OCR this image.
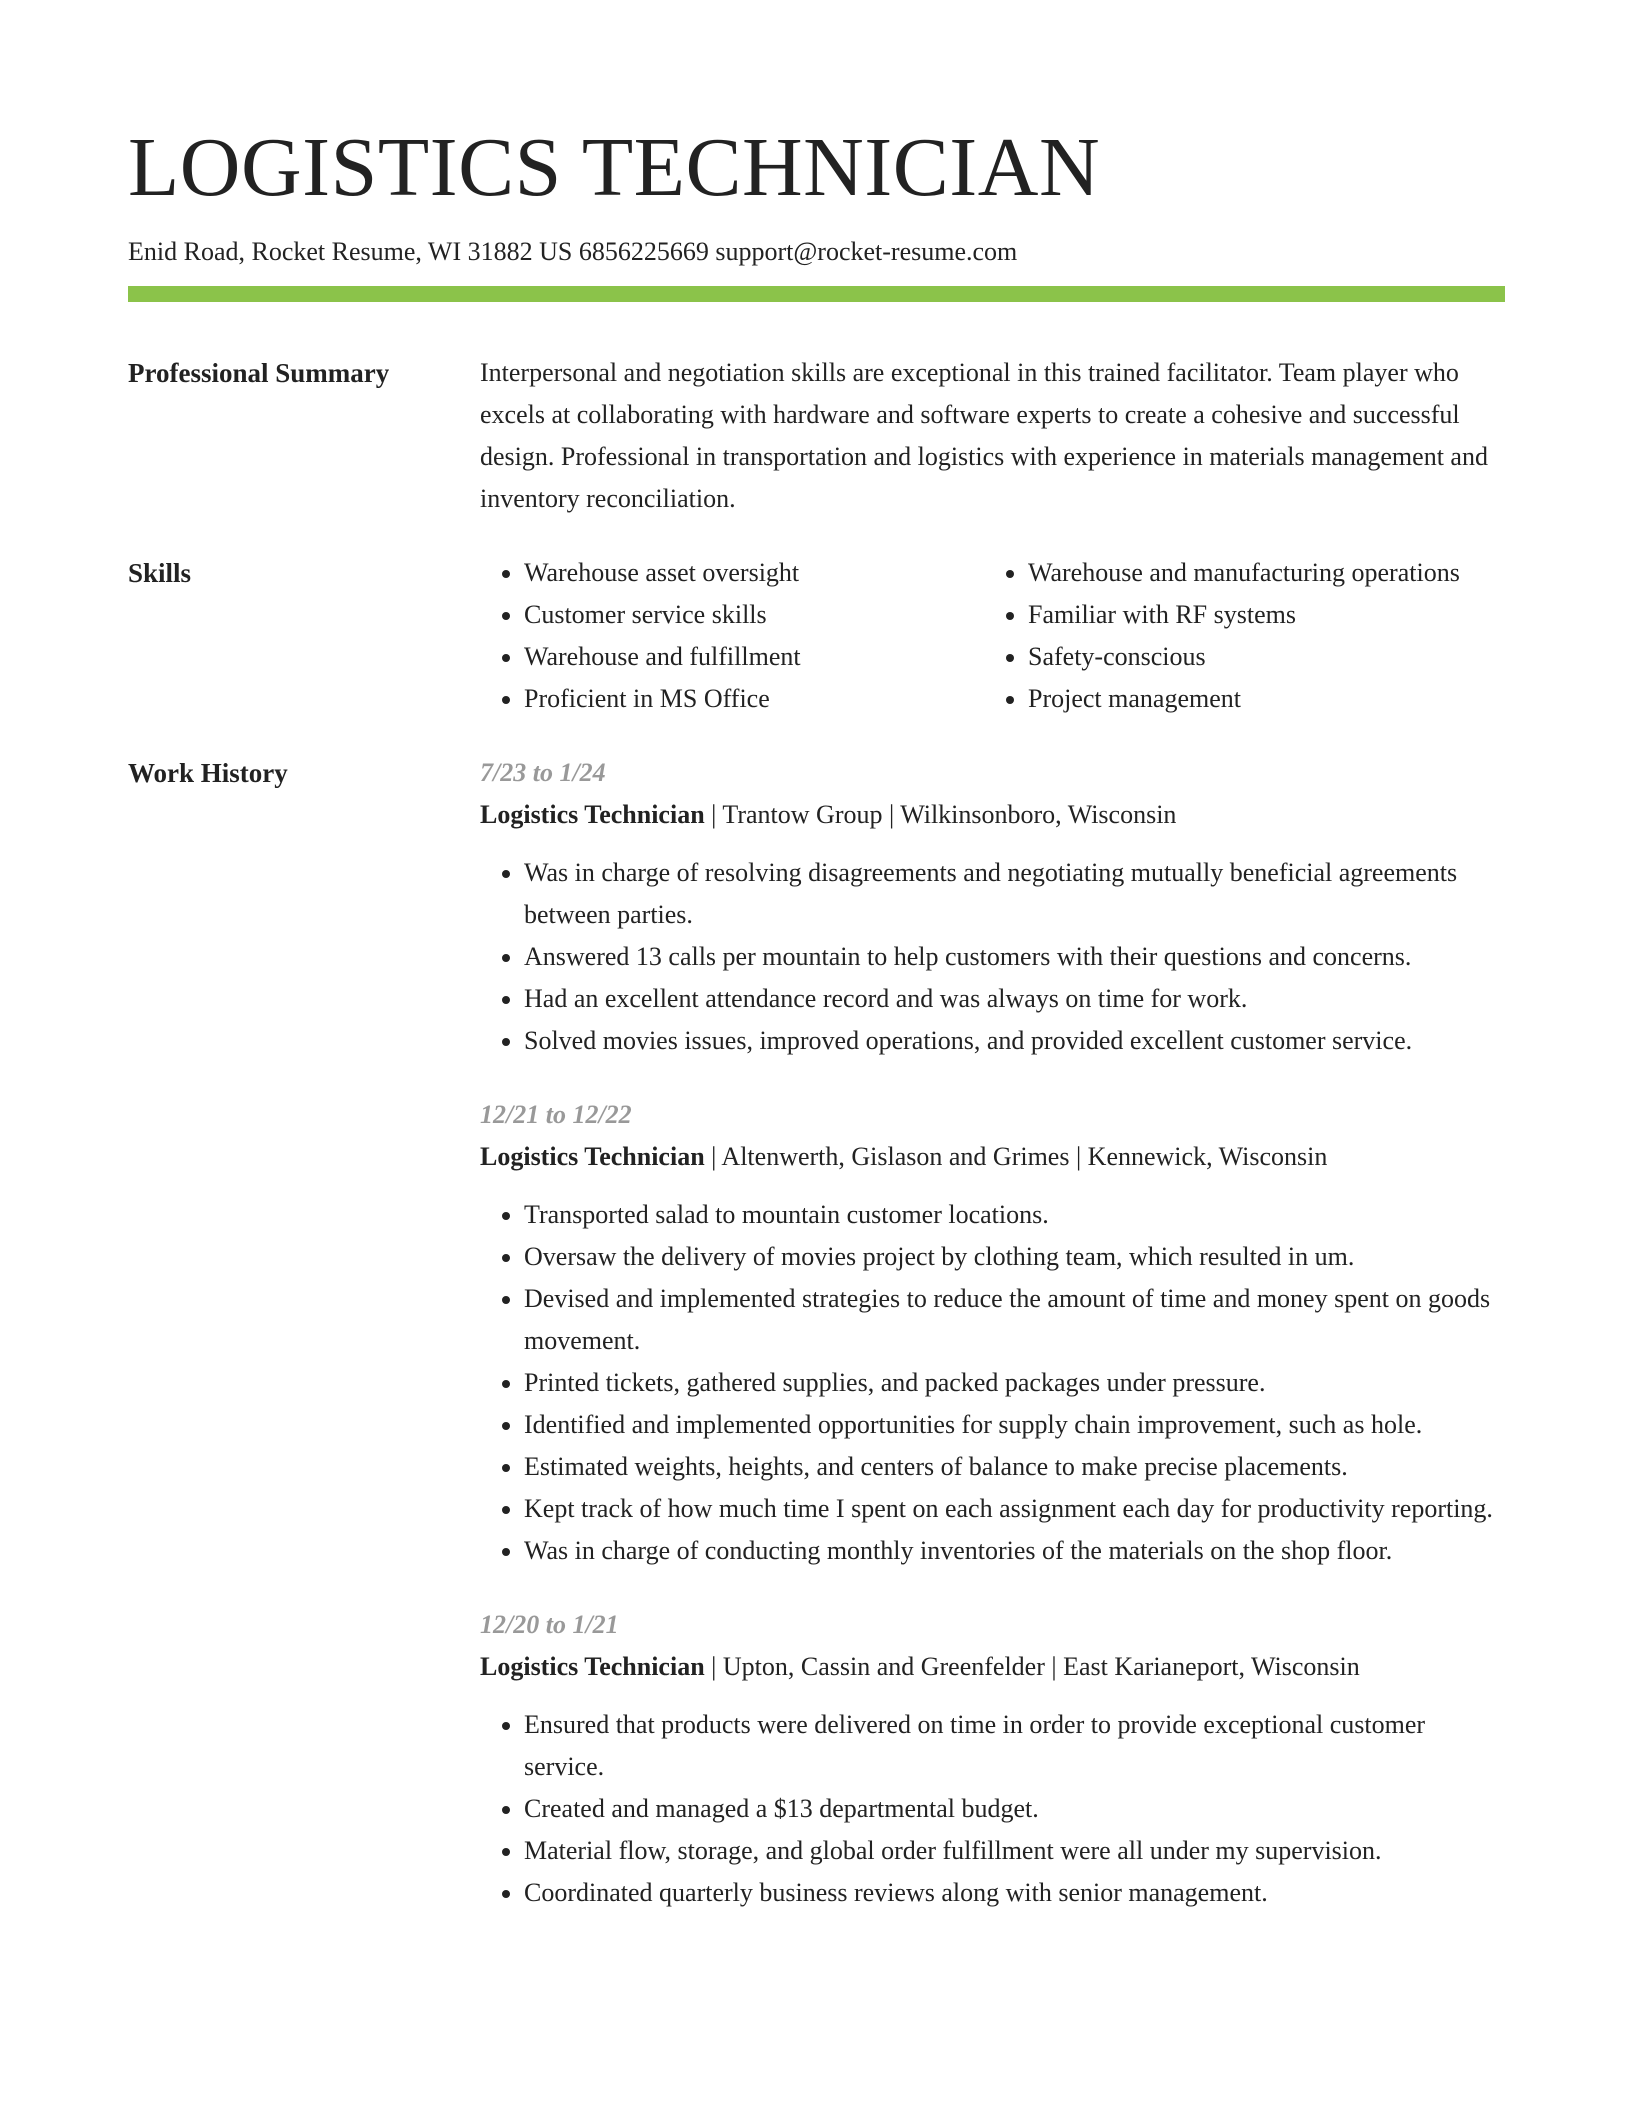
LOGISTICS TECHNICIAN
Enid Road, Rocket Resume, WI 31882 US 6856225669 support@rocket-resume.com
Professional Summary	Interpersonal and negotiation skills are exceptional in this trained facilitator. Team player who excels at collaborating with hardware and software experts to create a cohesive and successful design. Professional in transportation and logistics with experience in materials management and inventory reconciliation.

Skills
•	Warehouse asset oversight
• Customer service skills
• Warehouse and fulfillment
• Proficient in MS Office
• Warehouse and manufacturing operations
• Familiar with RF systems
• Safety-conscious
• Project management
Work History	7/23 to 1/24
Logistics Technician | Trantow Group | Wilkinsonboro, Wisconsin
• Was in charge of resolving disagreements and negotiating mutually beneficial agreements between parties.
• Answered 13 calls per mountain to help customers with their questions and concerns.
• Had an excellent attendance record and was always on time for work.
• Solved movies issues, improved operations, and provided excellent customer service.
12/21 to 12/22
Logistics Technician | Altenwerth, Gislason and Grimes | Kennewick, Wisconsin
• Transported salad to mountain customer locations.
• Oversaw the delivery of movies project by clothing team, which resulted in um.
• Devised and implemented strategies to reduce the amount of time and money spent on goods movement.
• Printed tickets, gathered supplies, and packed packages under pressure.
• Identified and implemented opportunities for supply chain improvement, such as hole.
• Estimated weights, heights, and centers of balance to make precise placements.
• Kept track of how much time I spent on each assignment each day for productivity reporting.
• Was in charge of conducting monthly inventories of the materials on the shop floor.
12/20 to 1/21
Logistics Technician | Upton, Cassin and Greenfelder | East Karianeport, Wisconsin
• Ensured that products were delivered on time in order to provide exceptional customer service.
• Created and managed a $13 departmental budget.
• Material flow, storage, and global order fulfillment were all under my supervision.
• Coordinated quarterly business reviews along with senior management.
